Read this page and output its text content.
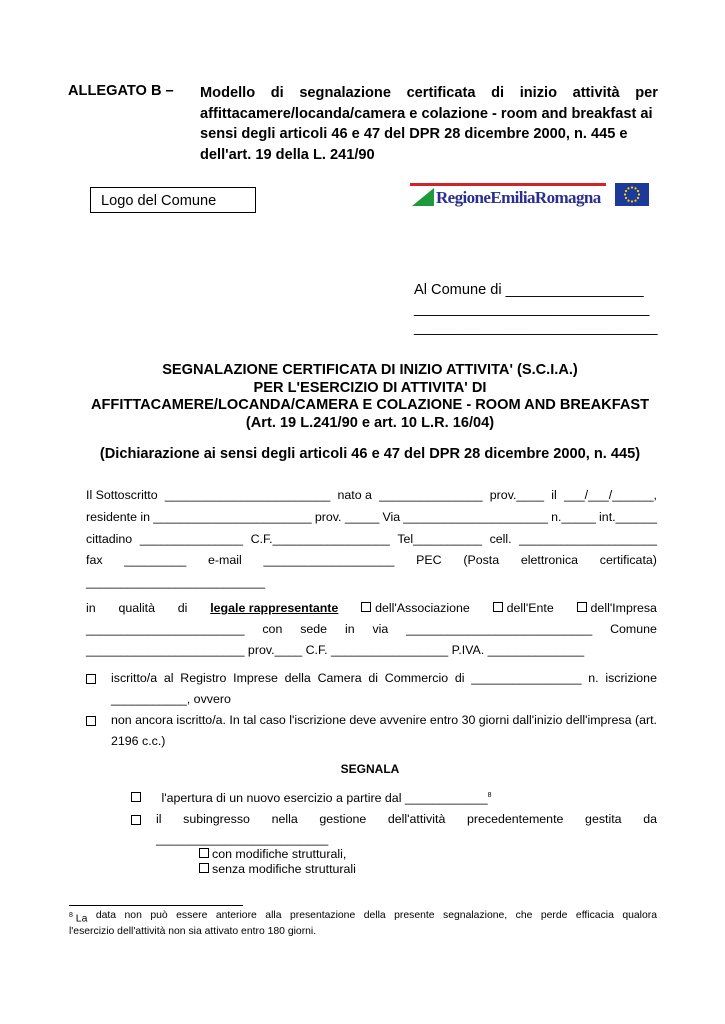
ALLEGATO B – Modello di segnalazione certificata di inizio attività per
affittacamere/locanda/camera e colazione - room and breakfast ai
sensi degli articoli 46 e 47 del DPR 28 dicembre 2000, n. 445 e
dell'art. 19 della L. 241/90
Logo del Comune	RegioneEmiliaRomagna
Al Comune di _________________
_____________________________
______________________________
SEGNALAZIONE CERTIFICATA DI INIZIO ATTIVITA' (S.C.I.A.)
PER L'ESERCIZIO DI ATTIVITA' DI
AFFITTACAMERE/LOCANDA/CAMERA E COLAZIONE - ROOM AND BREAKFAST
(Art. 19 L.241/90 e art. 10 L.R. 16/04)
(Dichiarazione ai sensi degli articoli 46 e 47 del DPR 28 dicembre 2000, n. 445)
Il Sottoscritto ________________________ nato a _______________ prov.____ il ___/___/______,
residente in _______________________ prov. _____ Via _____________________ n._____ int.______
cittadino _______________ C.F._________________ Tel__________ cell. ____________________
fax _________ e-mail ___________________ PEC (Posta elettronica certificata)
__________________________
in qualità di legale rappresentante	dell'Associazione	dell'Ente	dell'Impresa
_______________________ con sede in via ___________________________ Comune
_______________________ prov.____ C.F. _________________ P.IVA. ______________
iscritto/a al Registro Imprese della Camera di Commercio di ________________ n. iscrizione
___________, ovvero
non ancora iscritto/a. In tal caso l'iscrizione deve avvenire entro 30 giorni dall'inizio dell'impresa (art.
2196 c.c.)
SEGNALA
l'apertura di un nuovo esercizio a partire dal ____________$^8$
il subingresso nella gestione dell'attività precedentemente gestita da
_________________________
con modifiche strutturali,
senza modifiche strutturali
$^8$ La data non può essere anteriore alla presentazione della presente segnalazione, che perde efficacia qualora
l'esercizio dell'attività non sia attivato entro 180 giorni.
